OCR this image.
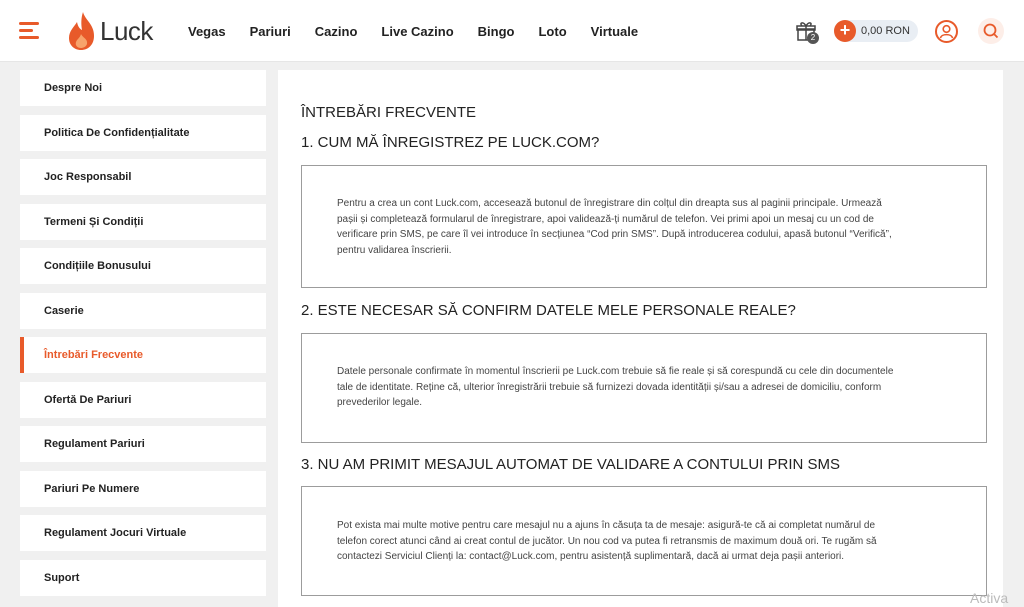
Luck	Vegas Pariuri Cazino Live Cazino Bingo Loto Virtuale	2	+ 0,00 RON
Despre Noi
Politica De Confidențialitate
Joc Responsabil
Termeni Și Condiții
Condițiile Bonusului
Caserie
Întrebări Frecvente
Ofertă De Pariuri
Regulament Pariuri
Pariuri Pe Numere
Regulament Jocuri Virtuale
Suport
ÎNTREBĂRI FRECVENTE
1. CUM MĂ ÎNREGISTREZ PE LUCK.COM?
Pentru a crea un cont Luck.com, accesează butonul de înregistrare din colțul din dreapta sus al paginii principale. Urmează
pașii și completează formularul de înregistrare, apoi validează-ți numărul de telefon. Vei primi apoi un mesaj cu un cod de
verificare prin SMS, pe care îl vei introduce în secțiunea “Cod prin SMS”. După introducerea codului, apasă butonul “Verifică”,
pentru validarea înscrierii.
2. ESTE NECESAR SĂ CONFIRM DATELE MELE PERSONALE REALE?
Datele personale confirmate în momentul înscrierii pe Luck.com trebuie să fie reale și să corespundă cu cele din documentele
tale de identitate. Reține că, ulterior înregistrării trebuie să furnizezi dovada identității și/sau a adresei de domiciliu, conform
prevederilor legale.
3. NU AM PRIMIT MESAJUL AUTOMAT DE VALIDARE A CONTULUI PRIN SMS
Pot exista mai multe motive pentru care mesajul nu a ajuns în căsuța ta de mesaje: asigură-te că ai completat numărul de
telefon corect atunci când ai creat contul de jucător. Un nou cod va putea fi retransmis de maximum două ori. Te rugăm să
contactezi Serviciul Clienți la: contact@Luck.com, pentru asistență suplimentară, dacă ai urmat deja pașii anteriori.
Activa
